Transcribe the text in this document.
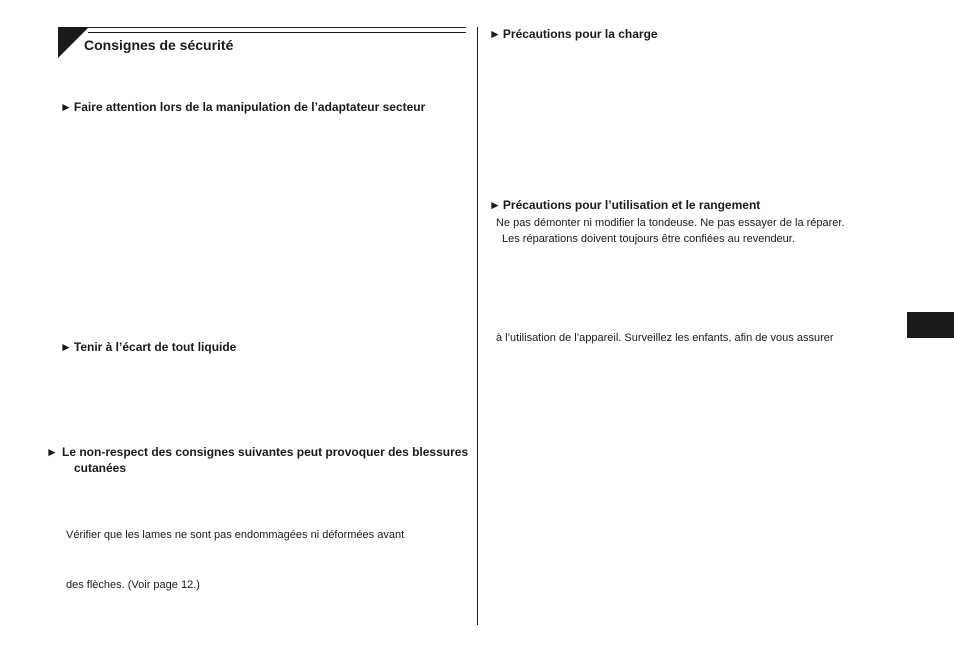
Consignes de sécurité
► Faire attention lors de la manipulation de l’adaptateur secteur
► Tenir à l’écart de tout liquide
► Le non-respect des consignes suivantes peut provoquer des blessures cutanées
Vérifier que les lames ne sont pas endommagées ni déformées avant
des flèches. (Voir page 12.)
► Précautions pour la charge
► Précautions pour l’utilisation et le rangement
Ne pas démonter ni modifier la tondeuse. Ne pas essayer de la réparer.
Les réparations doivent toujours être confiées au revendeur.
à l’utilisation de l’appareil. Surveillez les enfants, afin de vous assurer
